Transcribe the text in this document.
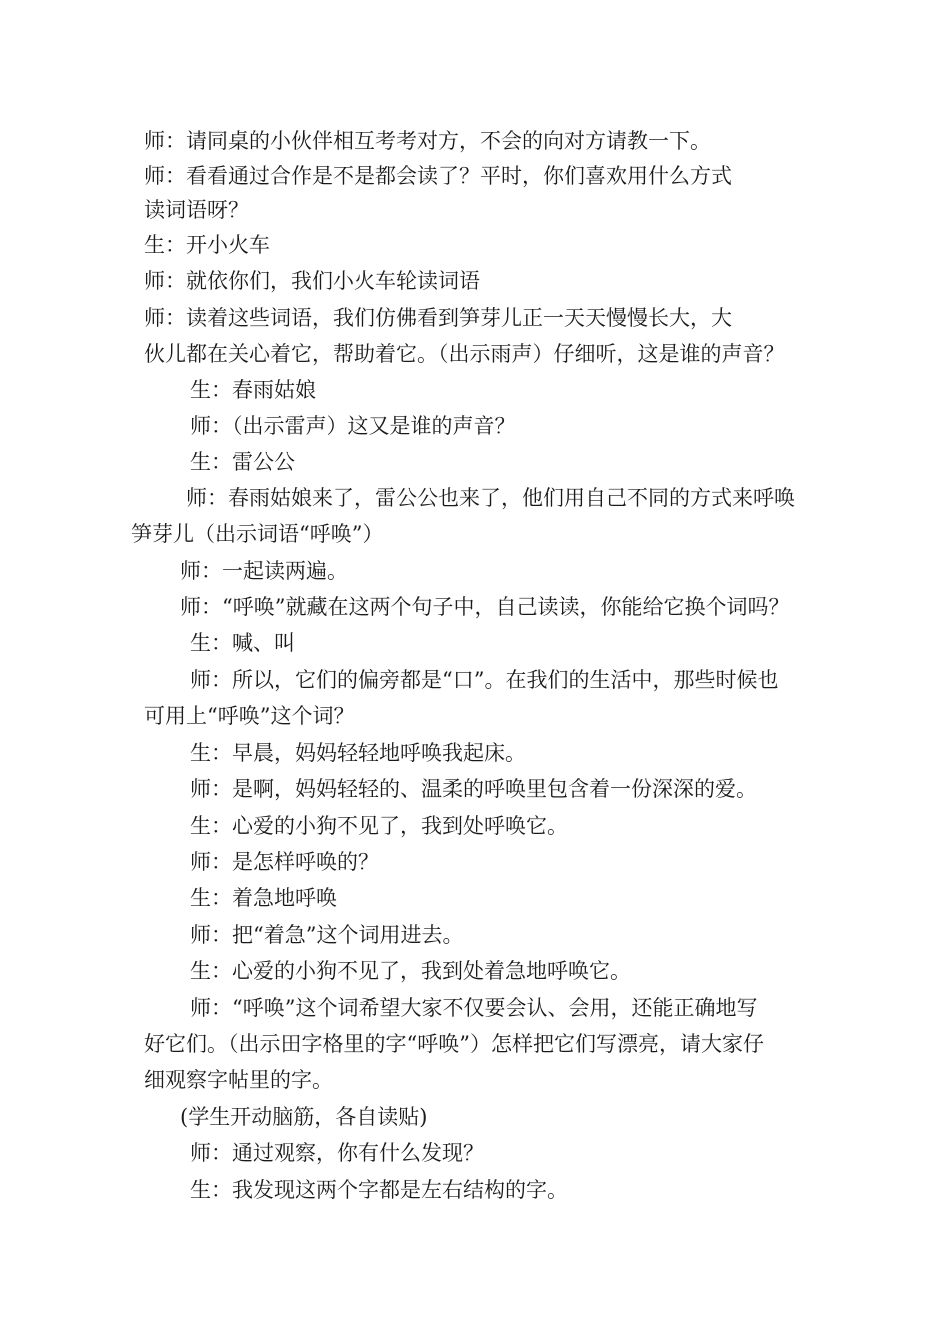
师：请同桌的小伙伴相互考考对方，不会的向对方请教一下。
师：看看通过合作是不是都会读了？平时，你们喜欢用什么方式
读词语呀？
生：开小火车
师：就依你们，我们小火车轮读词语
师：读着这些词语，我们仿佛看到笋芽儿正一天天慢慢长大，大
伙儿都在关心着它，帮助着它。（出示雨声）仔细听，这是谁的声音？
生：春雨姑娘
师：（出示雷声）这又是谁的声音？
生：雷公公
师：春雨姑娘来了，雷公公也来了，他们用自己不同的方式来呼唤
笋芽儿（出示词语“呼唤”）
师：一起读两遍。
师：“呼唤”就藏在这两个句子中，自己读读，你能给它换个词吗？
生：喊、叫
师：所以，它们的偏旁都是“口”。在我们的生活中，那些时候也
可用上“呼唤”这个词？
生：早晨，妈妈轻轻地呼唤我起床。
师：是啊，妈妈轻轻的、温柔的呼唤里包含着一份深深的爱。
生：心爱的小狗不见了，我到处呼唤它。
师：是怎样呼唤的？
生：着急地呼唤
师：把“着急”这个词用进去。
生：心爱的小狗不见了，我到处着急地呼唤它。
师：“呼唤”这个词希望大家不仅要会认、会用，还能正确地写
好它们。（出示田字格里的字“呼唤”）怎样把它们写漂亮，请大家仔
细观察字帖里的字。
(学生开动脑筋，各自读贴)
师：通过观察，你有什么发现？
生：我发现这两个字都是左右结构的字。
